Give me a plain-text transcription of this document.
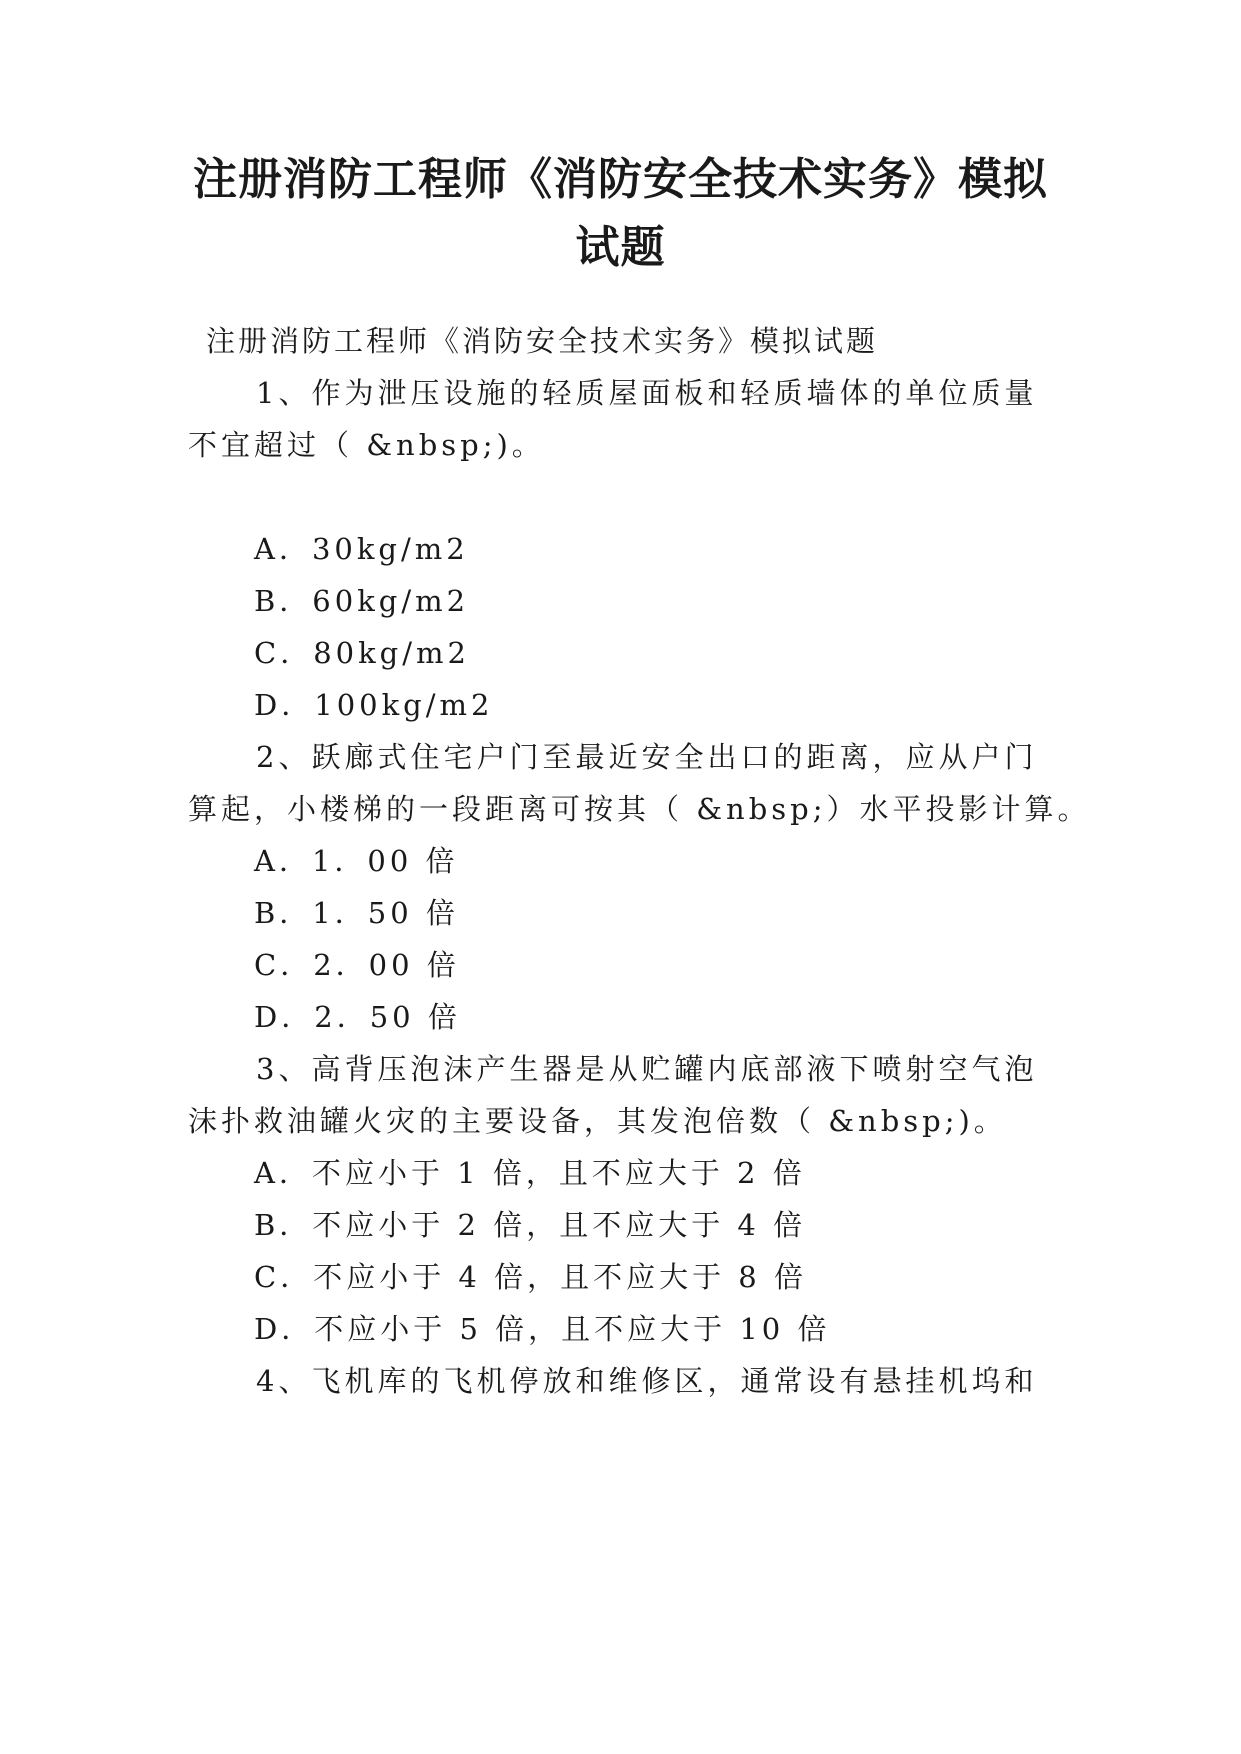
注册消防工程师《消防安全技术实务》模拟
试题

注册消防工程师《消防安全技术实务》模拟试题

1、作为泄压设施的轻质屋面板和轻质墙体的单位质量

不宜超过（ &nbsp;)。

A．30kg/m2

B．60kg/m2

C．80kg/m2

D．100kg/m2

2、跃廊式住宅户门至最近安全出口的距离，应从户门

算起，小楼梯的一段距离可按其（ &nbsp;）水平投影计算。

A．1．00 倍

B．1．50 倍

C．2．00 倍

D．2．50 倍

3、高背压泡沫产生器是从贮罐内底部液下喷射空气泡

沫扑救油罐火灾的主要设备，其发泡倍数（ &nbsp;)。

A．不应小于 1 倍，且不应大于 2 倍

B．不应小于 2 倍，且不应大于 4 倍

C．不应小于 4 倍，且不应大于 8 倍

D．不应小于 5 倍，且不应大于 10 倍

4、飞机库的飞机停放和维修区，通常设有悬挂机坞和
